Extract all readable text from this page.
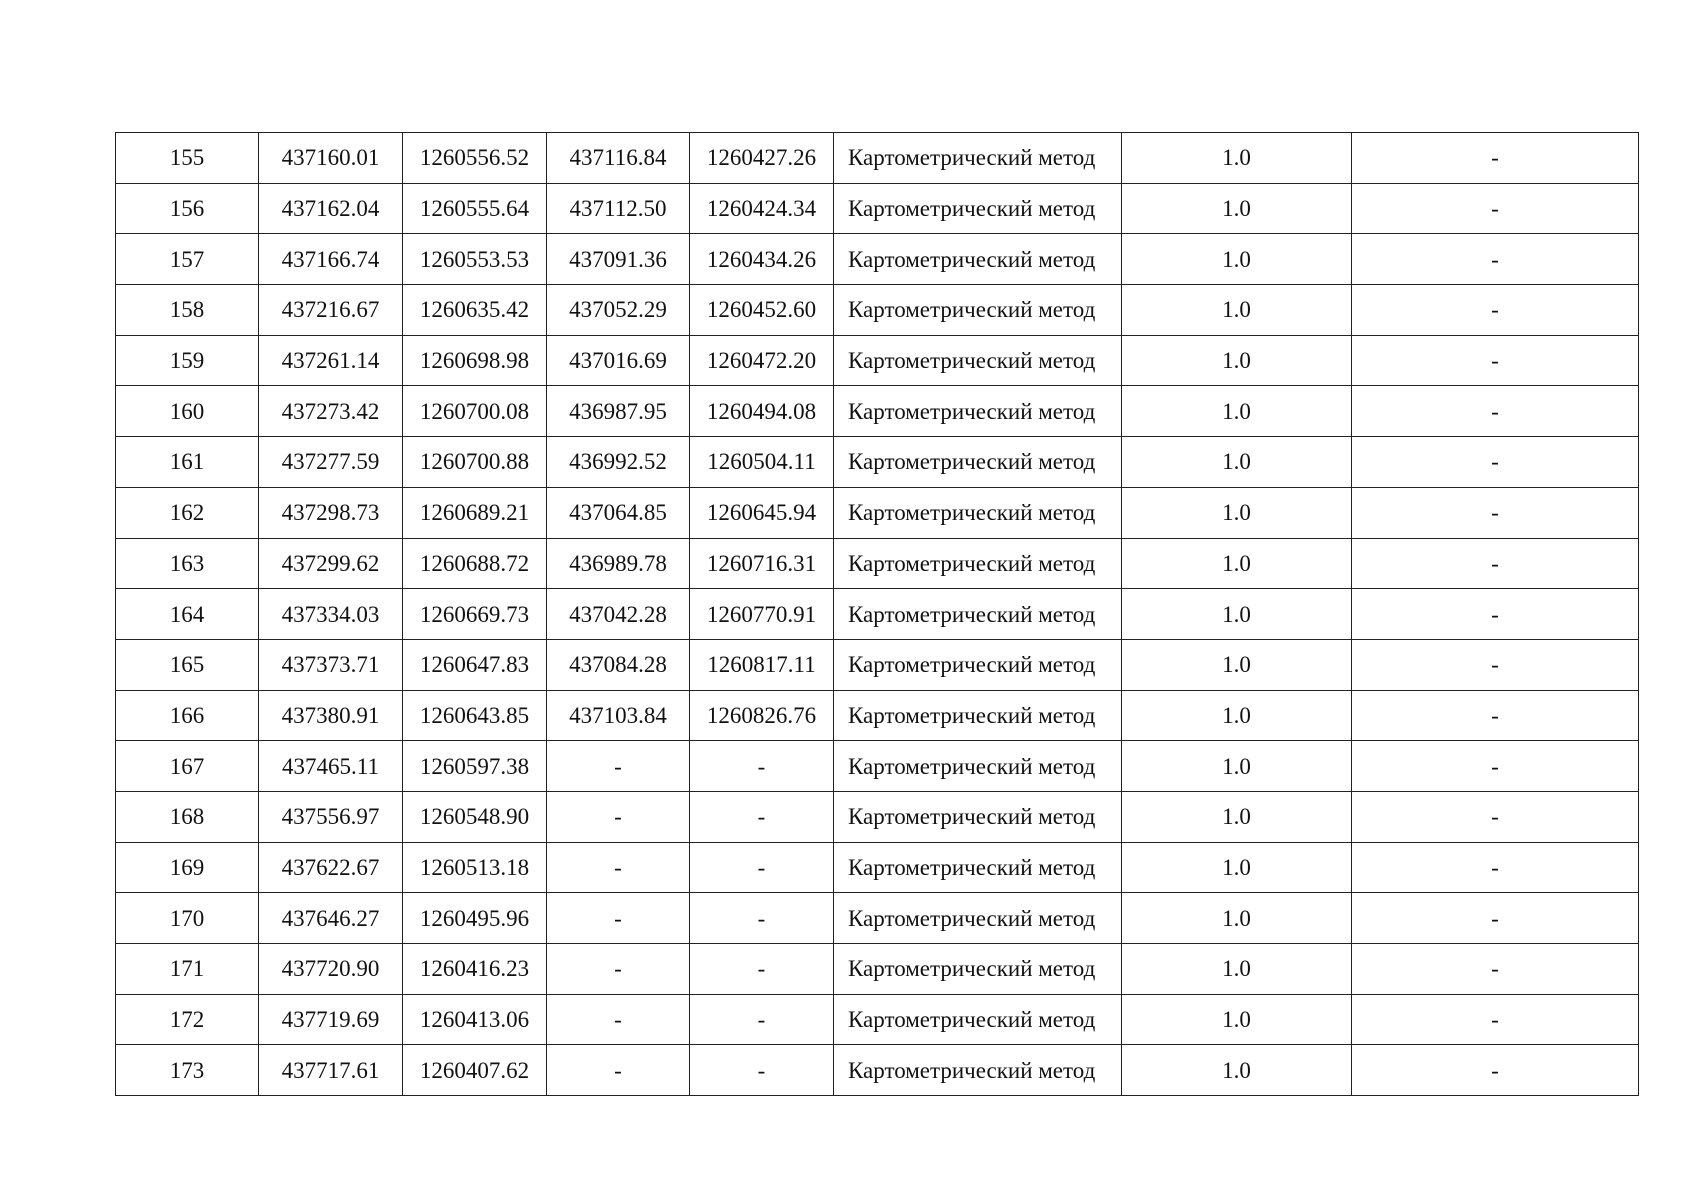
155	437160.01	1260556.52	437116.84	1260427.26	Картометрический метод	1.0	-
156	437162.04	1260555.64	437112.50	1260424.34	Картометрический метод	1.0	-
157	437166.74	1260553.53	437091.36	1260434.26	Картометрический метод	1.0	-
158	437216.67	1260635.42	437052.29	1260452.60	Картометрический метод	1.0	-
159	437261.14	1260698.98	437016.69	1260472.20	Картометрический метод	1.0	-
160	437273.42	1260700.08	436987.95	1260494.08	Картометрический метод	1.0	-
161	437277.59	1260700.88	436992.52	1260504.11	Картометрический метод	1.0	-
162	437298.73	1260689.21	437064.85	1260645.94	Картометрический метод	1.0	-
163	437299.62	1260688.72	436989.78	1260716.31	Картометрический метод	1.0	-
164	437334.03	1260669.73	437042.28	1260770.91	Картометрический метод	1.0	-
165	437373.71	1260647.83	437084.28	1260817.11	Картометрический метод	1.0	-
166	437380.91	1260643.85	437103.84	1260826.76	Картометрический метод	1.0	-
167	437465.11	1260597.38	-	-	Картометрический метод	1.0	-
168	437556.97	1260548.90	-	-	Картометрический метод	1.0	-
169	437622.67	1260513.18	-	-	Картометрический метод	1.0	-
170	437646.27	1260495.96	-	-	Картометрический метод	1.0	-
171	437720.90	1260416.23	-	-	Картометрический метод	1.0	-
172	437719.69	1260413.06	-	-	Картометрический метод	1.0	-
173	437717.61	1260407.62	-	-	Картометрический метод	1.0	-
